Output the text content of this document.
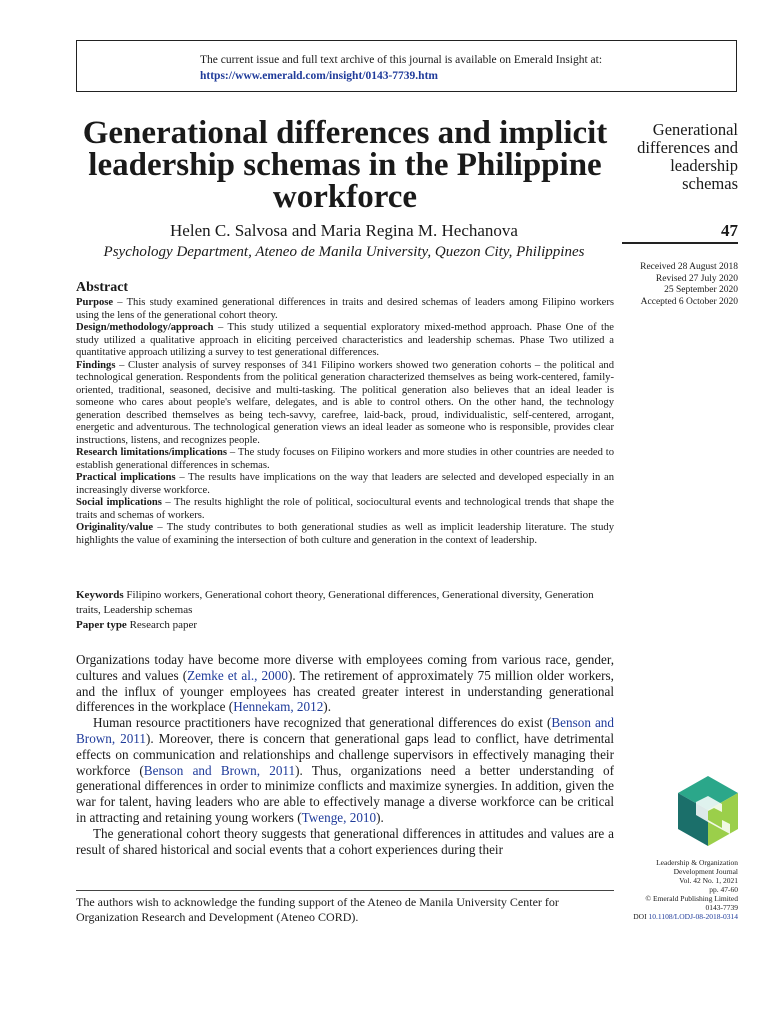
The current issue and full text archive of this journal is available on Emerald Insight at:
https://www.emerald.com/insight/0143-7739.htm
Generational differences and implicit leadership schemas in the Philippine workforce
Helen C. Salvosa and Maria Regina M. Hechanova
Psychology Department, Ateneo de Manila University, Quezon City, Philippines
Generational
differences and
leadership
schemas
47
Received 28 August 2018
Revised 27 July 2020
25 September 2020
Accepted 6 October 2020
Abstract

Purpose – This study examined generational differences in traits and desired schemas of leaders among Filipino workers using the lens of the generational cohort theory.

Design/methodology/approach – This study utilized a sequential exploratory mixed-method approach. Phase One of the study utilized a qualitative approach in eliciting perceived characteristics and leadership schemas. Phase Two utilized a quantitative approach utilizing a survey to test generational differences.

Findings – Cluster analysis of survey responses of 341 Filipino workers showed two generation cohorts – the political and technological generation. Respondents from the political generation characterized themselves as being work-centered, family-oriented, traditional, seasoned, decisive and multi-tasking. The political generation also believes that an ideal leader is someone who cares about people's welfare, delegates, and is able to control others. On the other hand, the technology generation described themselves as being tech-savvy, carefree, laid-back, proud, individualistic, self-centered, arrogant, energetic and adventurous. The technological generation views an ideal leader as someone who is responsible, provides clear instructions, listens, and recognizes people.

Research limitations/implications – The study focuses on Filipino workers and more studies in other countries are needed to establish generational differences in schemas.

Practical implications – The results have implications on the way that leaders are selected and developed especially in an increasingly diverse workforce.

Social implications – The results highlight the role of political, sociocultural events and technological trends that shape the traits and schemas of workers.

Originality/value – The study contributes to both generational studies as well as implicit leadership literature. The study highlights the value of examining the intersection of both culture and generation in the context of leadership.

Keywords Filipino workers, Generational cohort theory, Generational differences, Generational diversity, Generation traits, Leadership schemas
Paper type Research paper

Organizations today have become more diverse with employees coming from various race, gender, cultures and values (Zemke et al., 2000). The retirement of approximately 75 million older workers, and the influx of younger employees has created greater interest in understanding generational differences in the workplace (Hennekam, 2012).

Human resource practitioners have recognized that generational differences do exist (Benson and Brown, 2011). Moreover, there is concern that generational gaps lead to conflict, have detrimental effects on communication and relationships and challenge supervisors in effectively managing their workforce (Benson and Brown, 2011). Thus, organizations need a better understanding of generational differences in order to minimize conflicts and maximize synergies. In addition, given the war for talent, having leaders who are able to effectively manage a diverse workforce can be critical in attracting and retaining young workers (Twenge, 2010).

The generational cohort theory suggests that generational differences in attitudes and values are a result of shared historical and social events that a cohort experiences during their

The authors wish to acknowledge the funding support of the Ateneo de Manila University Center for Organization Research and Development (Ateneo CORD).
Leadership & Organization
Development Journal
Vol. 42 No. 1, 2021
pp. 47-60
© Emerald Publishing Limited
0143-7739
DOI 10.1108/LODJ-08-2018-0314
